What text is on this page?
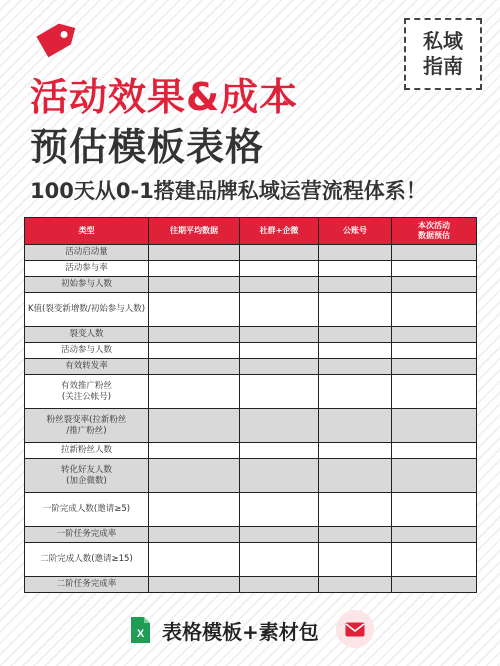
私域
指南
活动效果&成本
预估模板表格
100天从0-1搭建品牌私域运营流程体系！
类型	往期平均数据	社群+企微	公账号	本次活动
数据预估
活动启动量				
活动参与率				
初始参与人数				
K值(裂变新增数/初始参与人数)				
裂变人数				
活动参与人数				
有效转发率				
有效推广粉丝
(关注公帐号)				
粉丝裂变率(拉新粉丝
/推广粉丝)				
拉新粉丝人数				
转化好友人数
(加企微数)				
一阶完成人数(邀请≥5)				
一阶任务完成率				
二阶完成人数(邀请≥15)				
二阶任务完成率				
X 表格模板+素材包
